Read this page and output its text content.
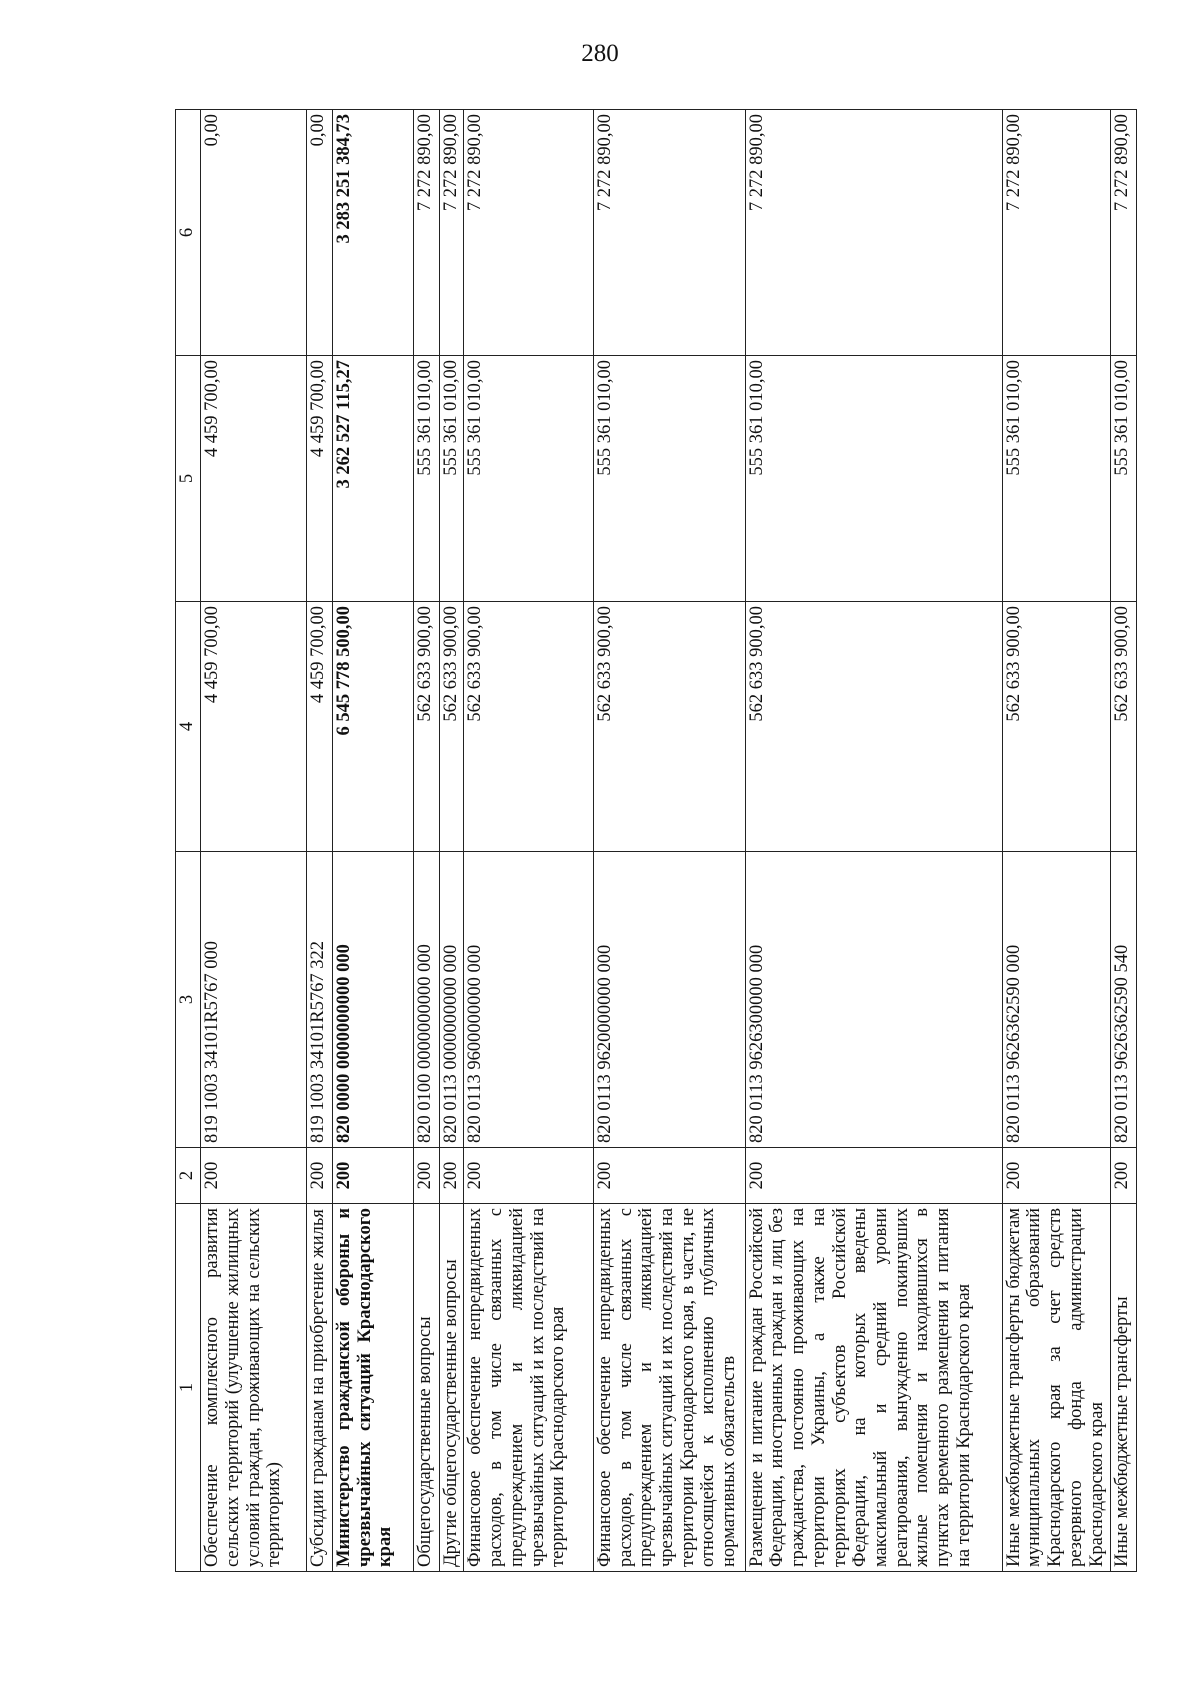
280
1	2	3	4	5	6
Обеспечение комплексного развития сельских территорий (улучшение жилищных условий граждан, проживающих на сельских территориях)	200	819 1003 34101R5767 000	4 459 700,00	4 459 700,00	0,00
Субсидии гражданам на приобретение жилья	200	819 1003 34101R5767 322	4 459 700,00	4 459 700,00	0,00
Министерство гражданской обороны и чрезвычайных ситуаций Краснодарского края	200	820 0000 0000000000 000	6 545 778 500,00	3 262 527 115,27	3 283 251 384,73
Общегосударственные вопросы	200	820 0100 0000000000 000	562 633 900,00	555 361 010,00	7 272 890,00
Другие общегосударственные вопросы	200	820 0113 0000000000 000	562 633 900,00	555 361 010,00	7 272 890,00
Финансовое обеспечение непредвиденных расходов, в том числе связанных с предупреждением и ликвидацией чрезвычайных ситуаций и их последствий на территории Краснодарского края	200	820 0113 9600000000 000	562 633 900,00	555 361 010,00	7 272 890,00
Финансовое обеспечение непредвиденных расходов, в том числе связанных с предупреждением и ликвидацией чрезвычайных ситуаций и их последствий на территории Краснодарского края, в части, не относящейся к исполнению публичных нормативных обязательств	200	820 0113 9620000000 000	562 633 900,00	555 361 010,00	7 272 890,00
Размещение и питание граждан Российской Федерации, иностранных граждан и лиц без гражданства, постоянно проживающих на территории Украины, а также на территориях субъектов Российской Федерации, на которых введены максимальный и средний уровни реагирования, вынужденно покинувших жилые помещения и находившихся в пунктах временного размещения и питания на территории Краснодарского края	200	820 0113 9626300000 000	562 633 900,00	555 361 010,00	7 272 890,00
Иные межбюджетные трансферты бюджетам муниципальных образований Краснодарского края за счет средств резервного фонда администрации Краснодарского края	200	820 0113 9626362590 000	562 633 900,00	555 361 010,00	7 272 890,00
Иные межбюджетные трансферты	200	820 0113 9626362590 540	562 633 900,00	555 361 010,00	7 272 890,00
